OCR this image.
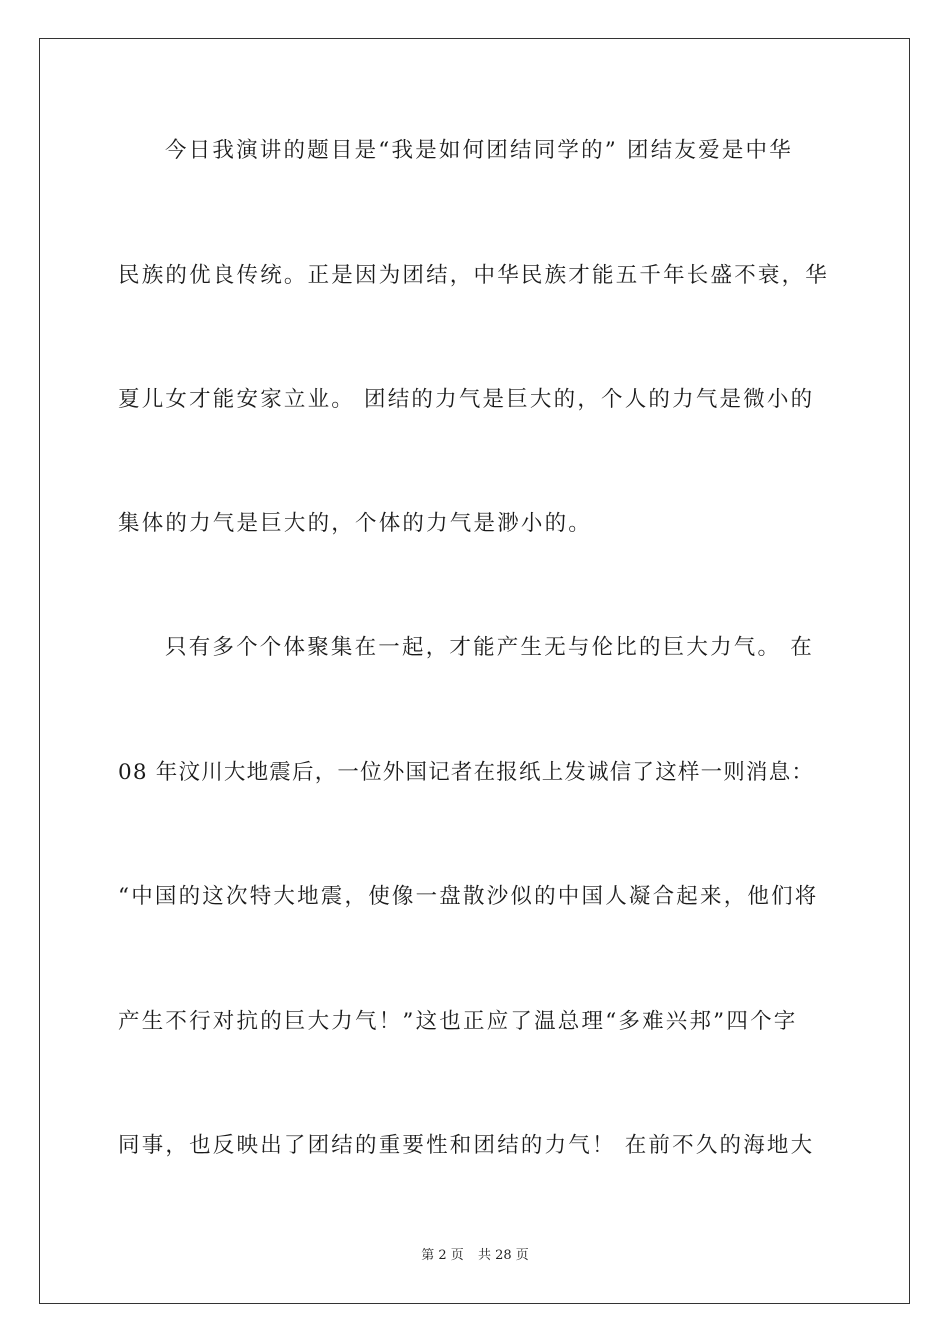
今日我演讲的题目是“我是如何团结同学的” 团结友爱是中华
民族的优良传统。正是因为团结，中华民族才能五千年长盛不衰，华
夏儿女才能安家立业。 团结的力气是巨大的，个人的力气是微小的
集体的力气是巨大的，个体的力气是渺小的。
只有多个个体聚集在一起，才能产生无与伦比的巨大力气。 在
08 年汶川大地震后，一位外国记者在报纸上发诚信了这样一则消息：
“中国的这次特大地震，使像一盘散沙似的中国人凝合起来，他们将
产生不行对抗的巨大力气！”这也正应了温总理“多难兴邦”四个字
同事，也反映出了团结的重要性和团结的力气！ 在前不久的海地大
第 2 页 共 28 页
